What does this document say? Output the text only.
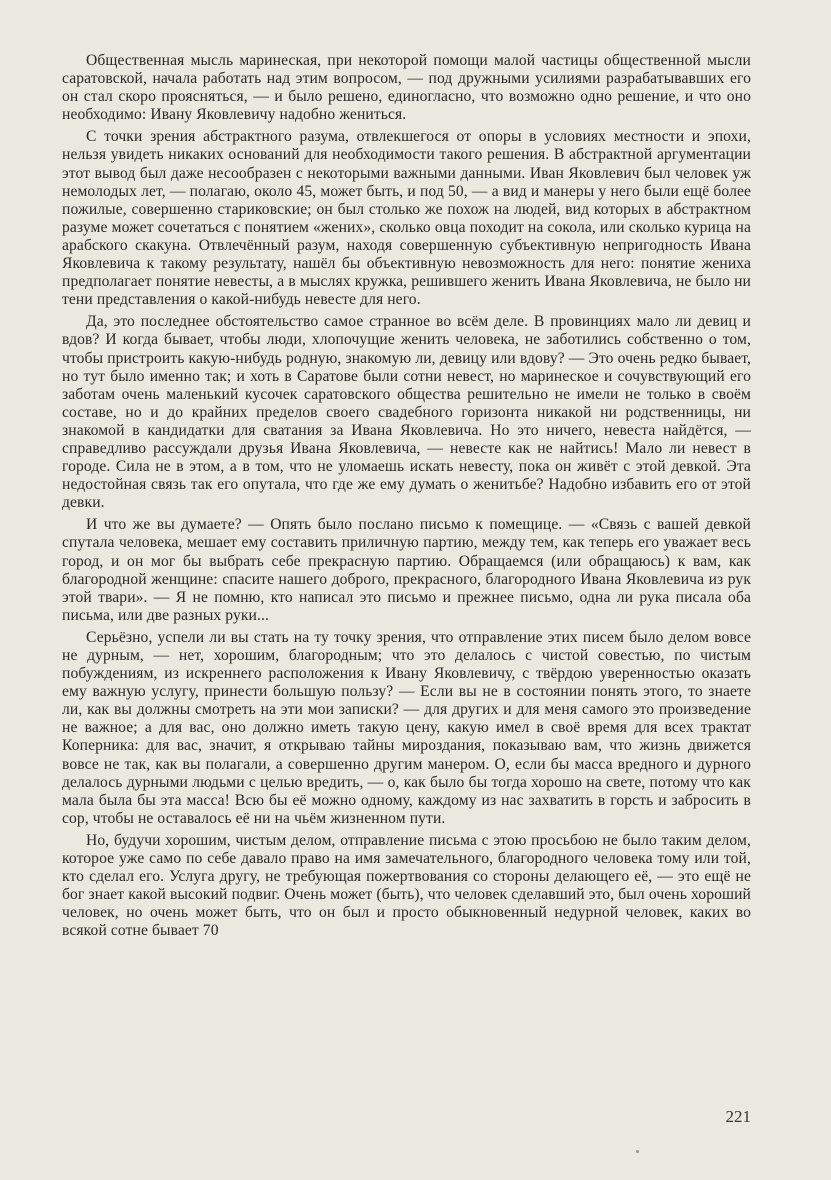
Общественная мысль маринеская, при некоторой помощи малой частицы общественной мысли саратовской, начала работать над этим вопросом, — под дружными усилиями разрабатывавших его он стал скоро проясняться, — и было решено, единогласно, что возможно одно решение, и что оно необходимо: Ивану Яковлевичу надобно жениться.

С точки зрения абстрактного разума, отвлекшегося от опоры в условиях местности и эпохи, нельзя увидеть никаких оснований для необходимости такого решения. В абстрактной аргументации этот вывод был даже несообразен с некоторыми важными данными. Иван Яковлевич был человек уж немолодых лет, — полагаю, около 45, может быть, и под 50, — а вид и манеры у него были ещё более пожилые, совершенно стариковские; он был столько же похож на людей, вид которых в абстрактном разуме может сочетаться с понятием «жених», сколько овца походит на сокола, или сколько курица на арабского скакуна. Отвлечённый разум, находя совершенную субъективную непригодность Ивана Яковлевича к такому результату, нашёл бы объективную невозможность для него: понятие жениха предполагает понятие невесты, а в мыслях кружка, решившего женить Ивана Яковлевича, не было ни тени представления о какой-нибудь невесте для него.

Да, это последнее обстоятельство самое странное во всём деле. В провинциях мало ли девиц и вдов? И когда бывает, чтобы люди, хлопочущие женить человека, не заботились собственно о том, чтобы пристроить какую-нибудь родную, знакомую ли, девицу или вдову? — Это очень редко бывает, но тут было именно так; и хоть в Саратове были сотни невест, но маринеское и сочувствующий его заботам очень маленький кусочек саратовского общества решительно не имели не только в своём составе, но и до крайних пределов своего свадебного горизонта никакой ни родственницы, ни знакомой в кандидатки для сватания за Ивана Яковлевича. Но это ничего, невеста найдётся, — справедливо рассуждали друзья Ивана Яковлевича, — невесте как не найтись! Мало ли невест в городе. Сила не в этом, а в том, что не уломаешь искать невесту, пока он живёт с этой девкой. Эта недостойная связь так его опутала, что где же ему думать о женитьбе? Надобно избавить его от этой девки.

И что же вы думаете? — Опять было послано письмо к помещице. — «Связь с вашей девкой спутала человека, мешает ему составить приличную партию, между тем, как теперь его уважает весь город, и он мог бы выбрать себе прекрасную партию. Обращаемся (или обращаюсь) к вам, как благородной женщине: спасите нашего доброго, прекрасного, благородного Ивана Яковлевича из рук этой твари». — Я не помню, кто написал это письмо и прежнее письмо, одна ли рука писала оба письма, или две разных руки...

Серьёзно, успели ли вы стать на ту точку зрения, что отправление этих писем было делом вовсе не дурным, — нет, хорошим, благородным; что это делалось с чистой совестью, по чистым побуждениям, из искреннего расположения к Ивану Яковлевичу, с твёрдою уверенностью оказать ему важную услугу, принести большую пользу? — Если вы не в состоянии понять этого, то знаете ли, как вы должны смотреть на эти мои записки? — для других и для меня самого это произведение не важное; а для вас, оно должно иметь такую цену, какую имел в своё время для всех трактат Коперника: для вас, значит, я открываю тайны мироздания, показываю вам, что жизнь движется вовсе не так, как вы полагали, а совершенно другим манером. О, если бы масса вредного и дурного делалось дурными людьми с целью вредить, — о, как было бы тогда хорошо на свете, потому что как мала была бы эта масса! Всю бы её можно одному, каждому из нас захватить в горсть и забросить в сор, чтобы не оставалось её ни на чьём жизненном пути.

Но, будучи хорошим, чистым делом, отправление письма с этою просьбою не было таким делом, которое уже само по себе давало право на имя замечательного, благородного человека тому или той, кто сделал его. Услуга другу, не требующая пожертвования со стороны делающего её, — это ещё не бог знает какой высокий подвиг. Очень может (быть), что человек сделавший это, был очень хороший человек, но очень может быть, что он был и просто обыкновенный недурной человек, каких во всякой сотне бывает 70

221
